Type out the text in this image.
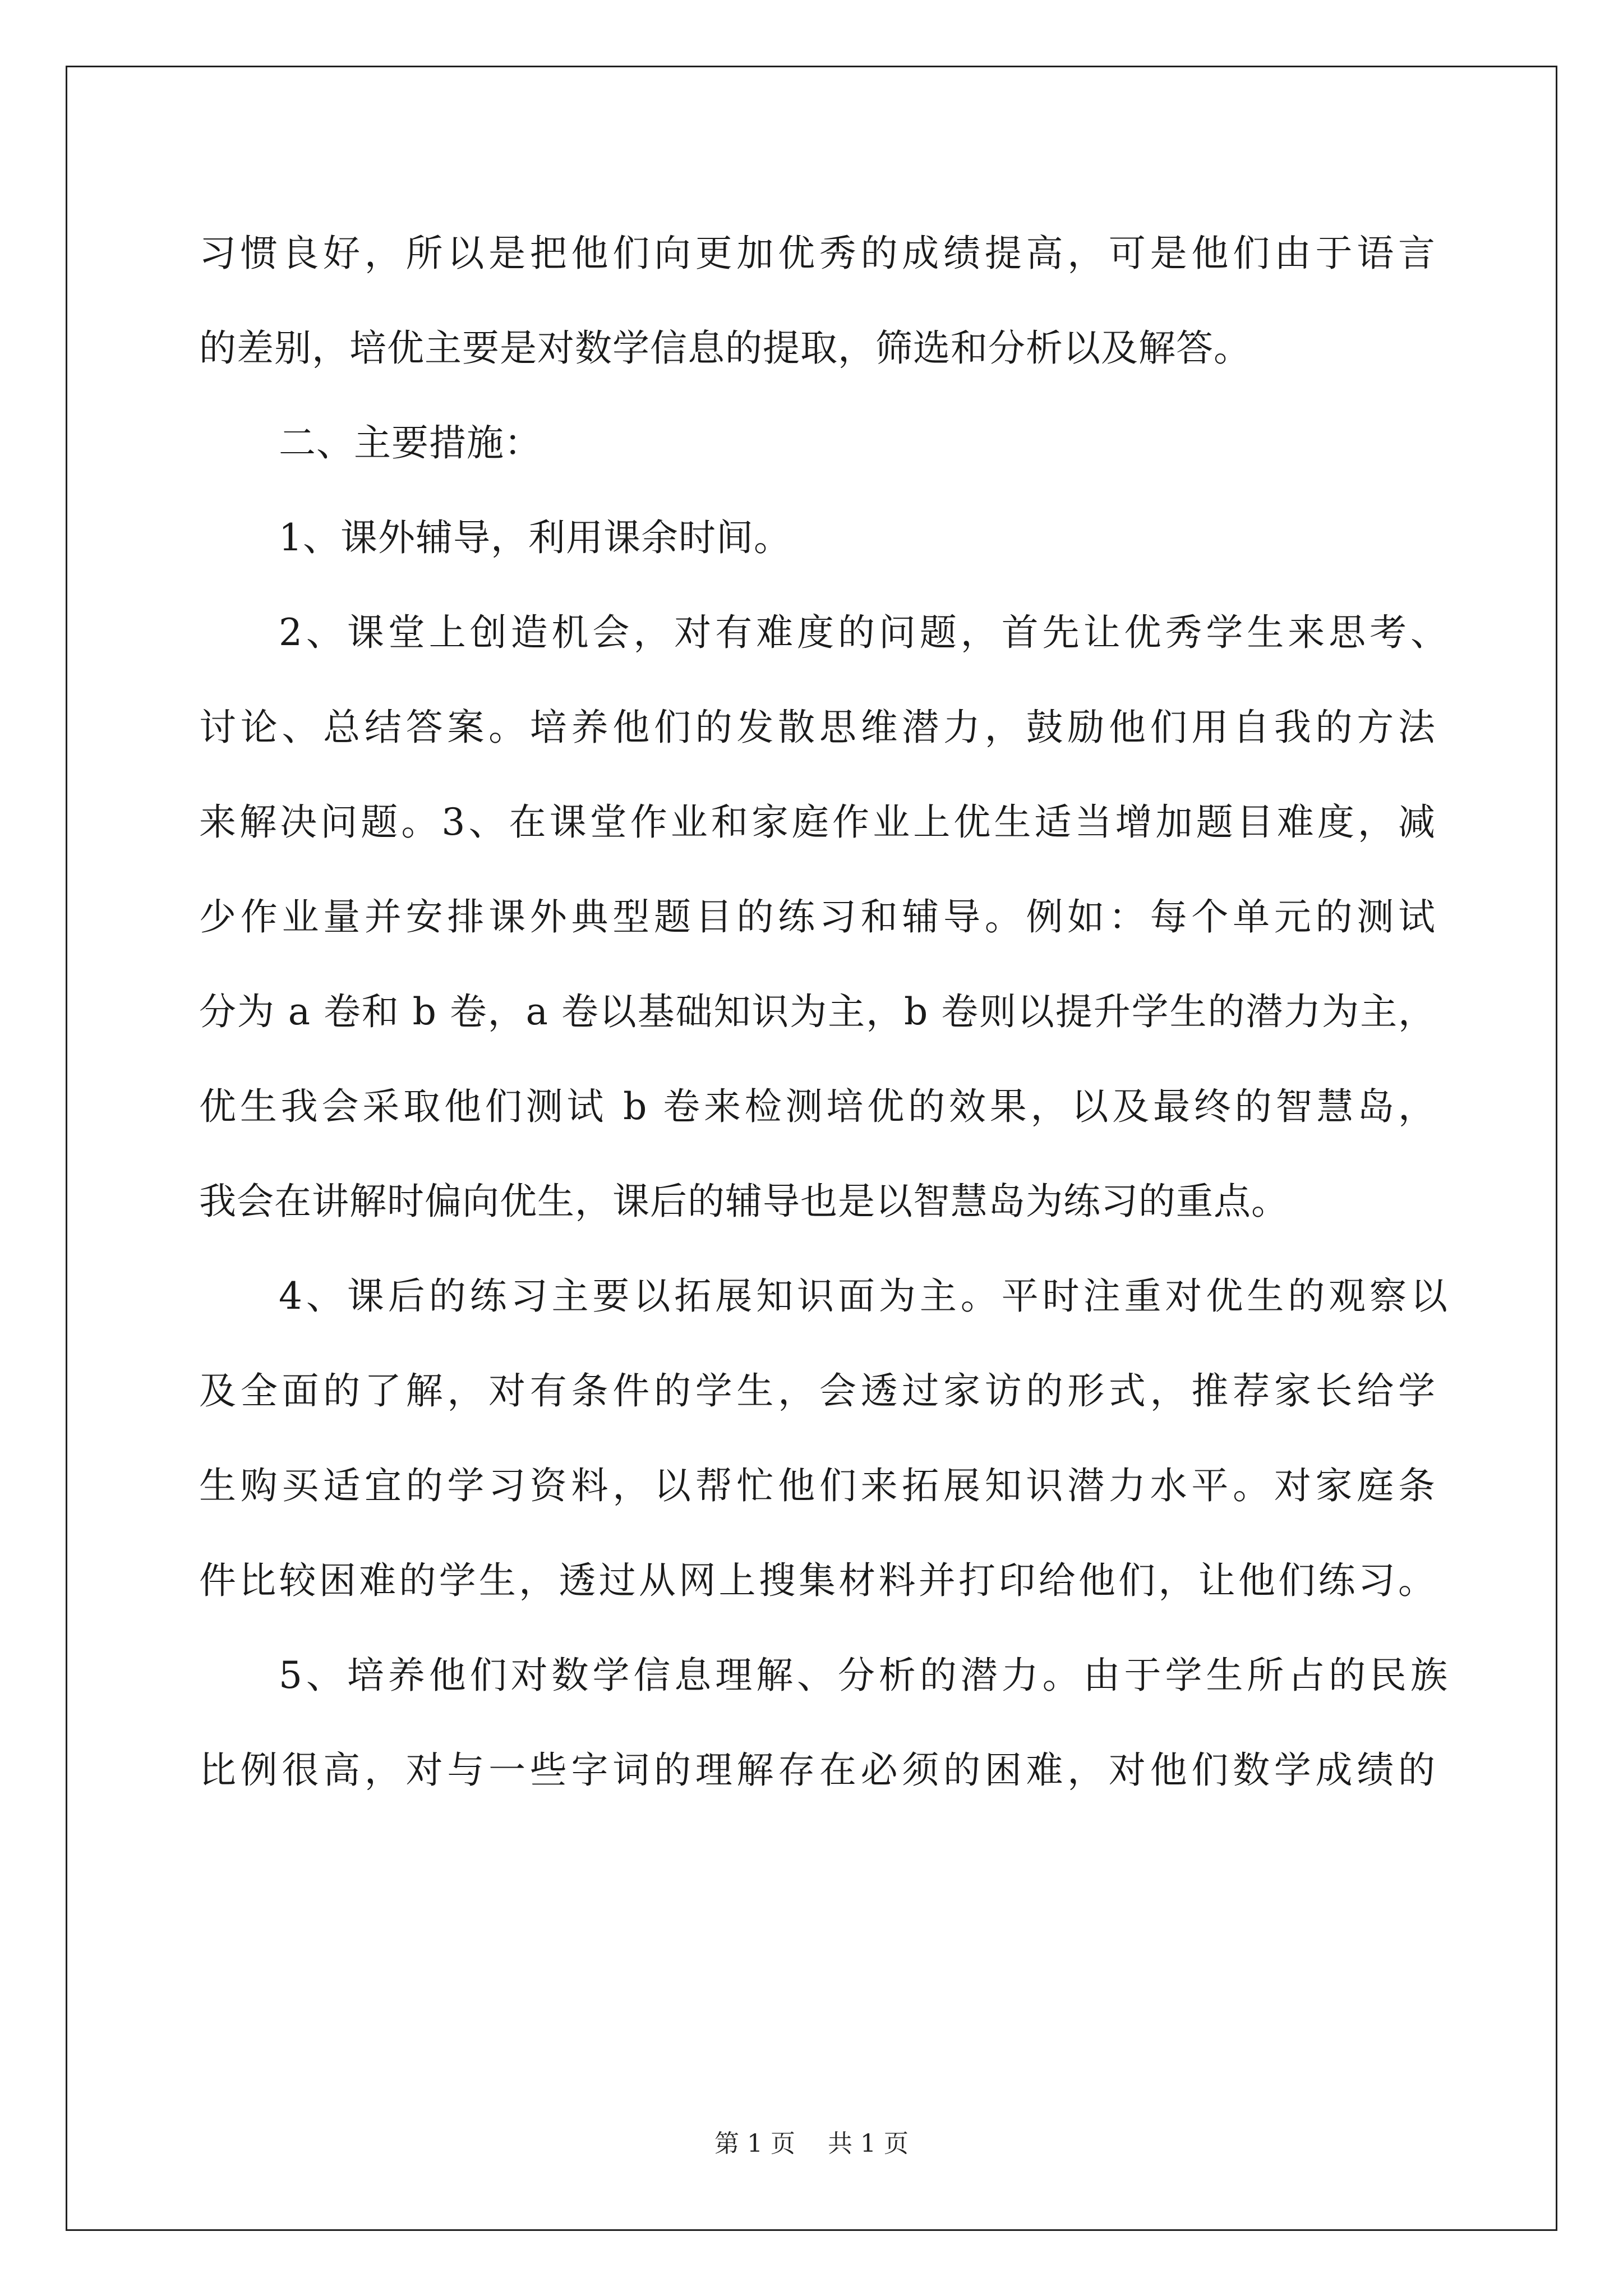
习惯良好，所以是把他们向更加优秀的成绩提高，可是他们由于语言
的差别，培优主要是对数学信息的提取，筛选和分析以及解答。
二、主要措施：
1、课外辅导，利用课余时间。
2、课堂上创造机会，对有难度的问题，首先让优秀学生来思考、
讨论、总结答案。培养他们的发散思维潜力，鼓励他们用自我的方法
来解决问题。3、在课堂作业和家庭作业上优生适当增加题目难度，减
少作业量并安排课外典型题目的练习和辅导。例如：每个单元的测试
分为 a 卷和 b 卷，a 卷以基础知识为主，b 卷则以提升学生的潜力为主，
优生我会采取他们测试 b 卷来检测培优的效果，以及最终的智慧岛，
我会在讲解时偏向优生，课后的辅导也是以智慧岛为练习的重点。
4、课后的练习主要以拓展知识面为主。平时注重对优生的观察以
及全面的了解，对有条件的学生，会透过家访的形式，推荐家长给学
生购买适宜的学习资料，以帮忙他们来拓展知识潜力水平。对家庭条
件比较困难的学生，透过从网上搜集材料并打印给他们，让他们练习。
5、培养他们对数学信息理解、分析的潜力。由于学生所占的民族
比例很高，对与一些字词的理解存在必须的困难，对他们数学成绩的
第 1 页　 共 1 页
